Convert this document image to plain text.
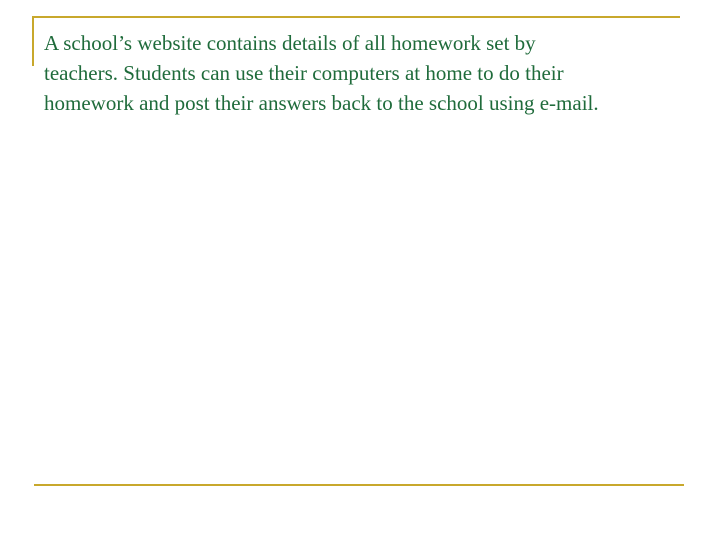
A school’s website contains details of all homework set by
teachers. Students can use their computers at home to do their
homework and post their answers back to the school using e-mail.
